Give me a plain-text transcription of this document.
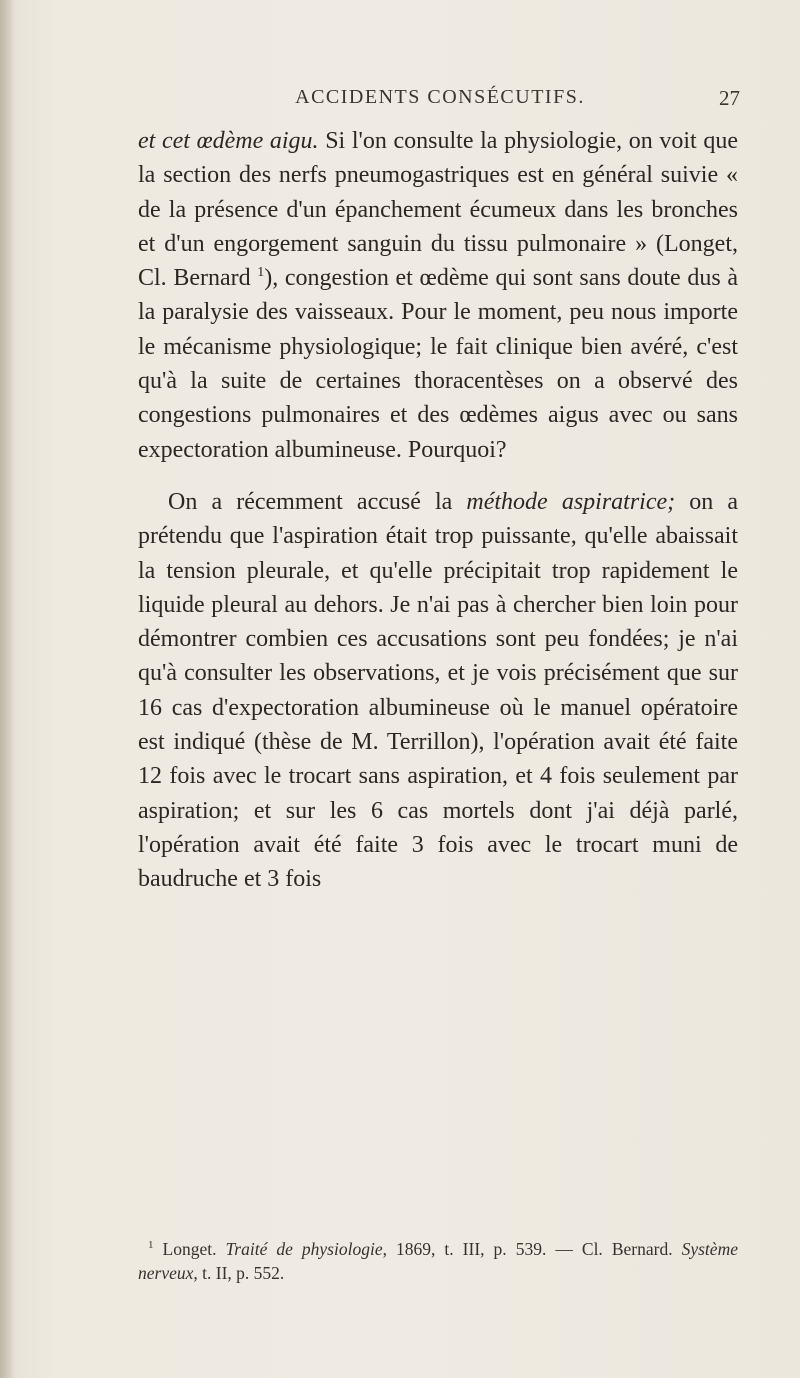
ACCIDENTS CONSÉCUTIFS.	27

et cet œdème aigu. Si l'on consulte la physiologie, on voit que la section des nerfs pneumogastriques est en général suivie « de la présence d'un épanchement écumeux dans les bronches et d'un engorgement sanguin du tissu pulmonaire » (Longet, Cl. Bernard $^1$), congestion et œdème qui sont sans doute dus à la paralysie des vaisseaux. Pour le moment, peu nous importe le mécanisme physiologique; le fait clinique bien avéré, c'est qu'à la suite de certaines thoracentèses on a observé des congestions pulmonaires et des œdèmes aigus avec ou sans expectoration albumineuse. Pourquoi?

On a récemment accusé la méthode aspiratrice; on a prétendu que l'aspiration était trop puissante, qu'elle abaissait la tension pleurale, et qu'elle précipitait trop rapidement le liquide pleural au dehors. Je n'ai pas à chercher bien loin pour démontrer combien ces accusations sont peu fondées; je n'ai qu'à consulter les observations, et je vois précisément que sur 16 cas d'expectoration albumineuse où le manuel opératoire est indiqué (thèse de M. Terrillon), l'opération avait été faite 12 fois avec le trocart sans aspiration, et 4 fois seulement par aspiration; et sur les 6 cas mortels dont j'ai déjà parlé, l'opération avait été faite 3 fois avec le trocart muni de baudruche et 3 fois

$^1$ Longet. Traité de physiologie, 1869, t. III, p. 539. — Cl. Bernard. Système nerveux, t. II, p. 552.
